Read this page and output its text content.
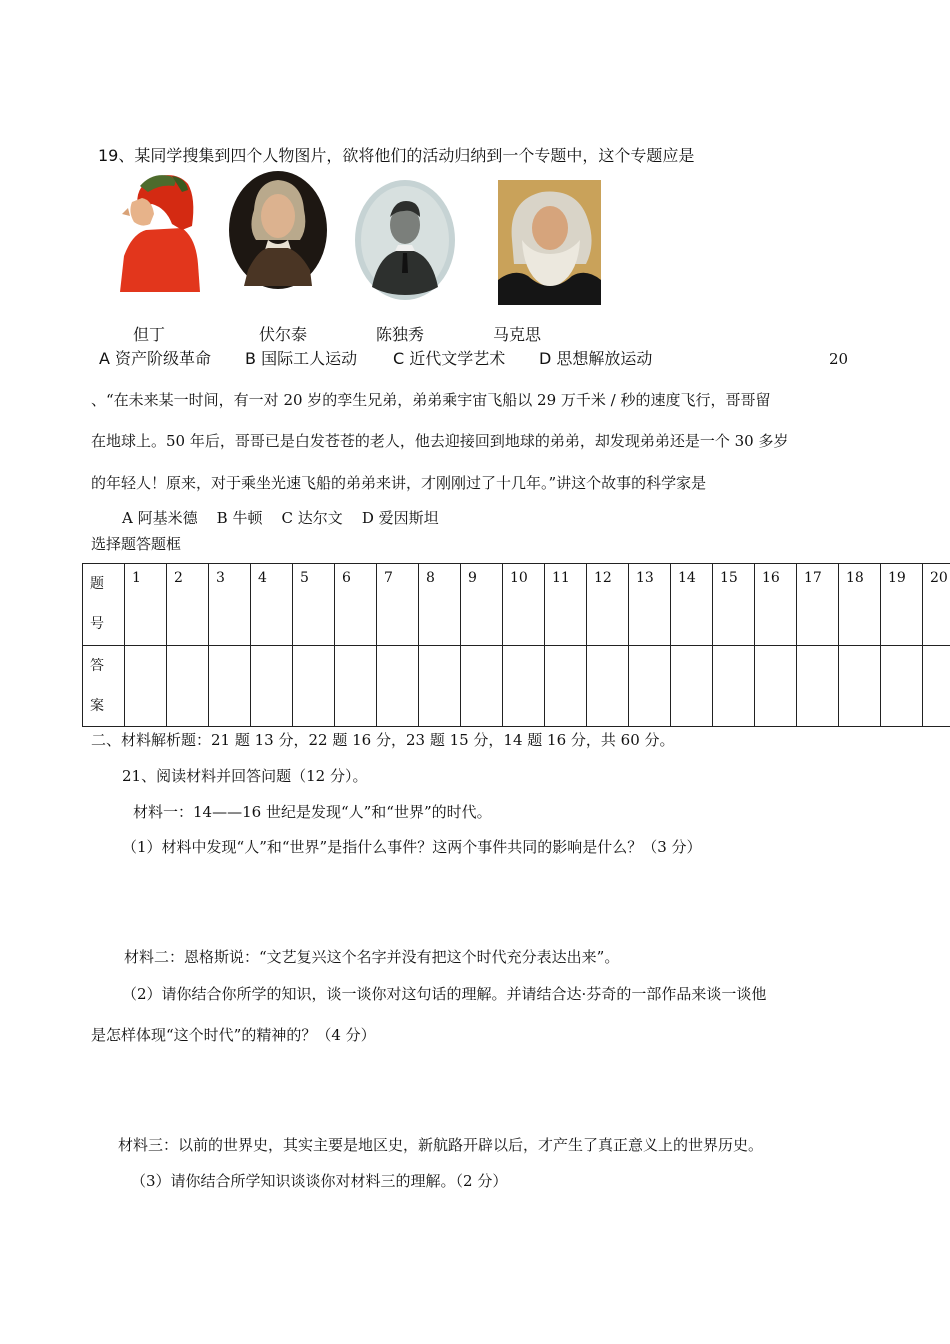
19、某同学搜集到四个人物图片，欲将他们的活动归纳到一个专题中，这个专题应是
但丁	伏尔泰	陈独秀	马克思
A 资产阶级革命 B 国际工人运动 C 近代文学艺术 D 思想解放运动	20
、“在未来某一时间，有一对 20 岁的孪生兄弟，弟弟乘宇宙飞船以 29 万千米 / 秒的速度飞行，哥哥留
在地球上。50 年后，哥哥已是白发苍苍的老人，他去迎接回到地球的弟弟，却发现弟弟还是一个 30 多岁
的年轻人！原来，对于乘坐光速飞船的弟弟来讲，才刚刚过了十几年。”讲这个故事的科学家是
A 阿基米德    B 牛顿    C 达尔文    D 爱因斯坦
选择题答题框
题
号	1	2	3	4	5	6	7	8	9	10	11	12	13	14	15	16	17	18	19	20
答
案																				
二、材料解析题：21 题 13 分，22 题 16 分，23 题 15 分，14 题 16 分，共 60 分。
21、阅读材料并回答问题（12 分）。
材料一：14——16 世纪是发现“人”和“世界”的时代。
（1）材料中发现“人”和“世界”是指什么事件？这两个事件共同的影响是什么？（3 分）
材料二：恩格斯说：“文艺复兴这个名字并没有把这个时代充分表达出来”。
（2）请你结合你所学的知识，谈一谈你对这句话的理解。并请结合达·芬奇的一部作品来谈一谈他
是怎样体现“这个时代”的精神的？（4 分）
材料三：以前的世界史，其实主要是地区史，新航路开辟以后，才产生了真正意义上的世界历史。
（3）请你结合所学知识谈谈你对材料三的理解。（2 分）
